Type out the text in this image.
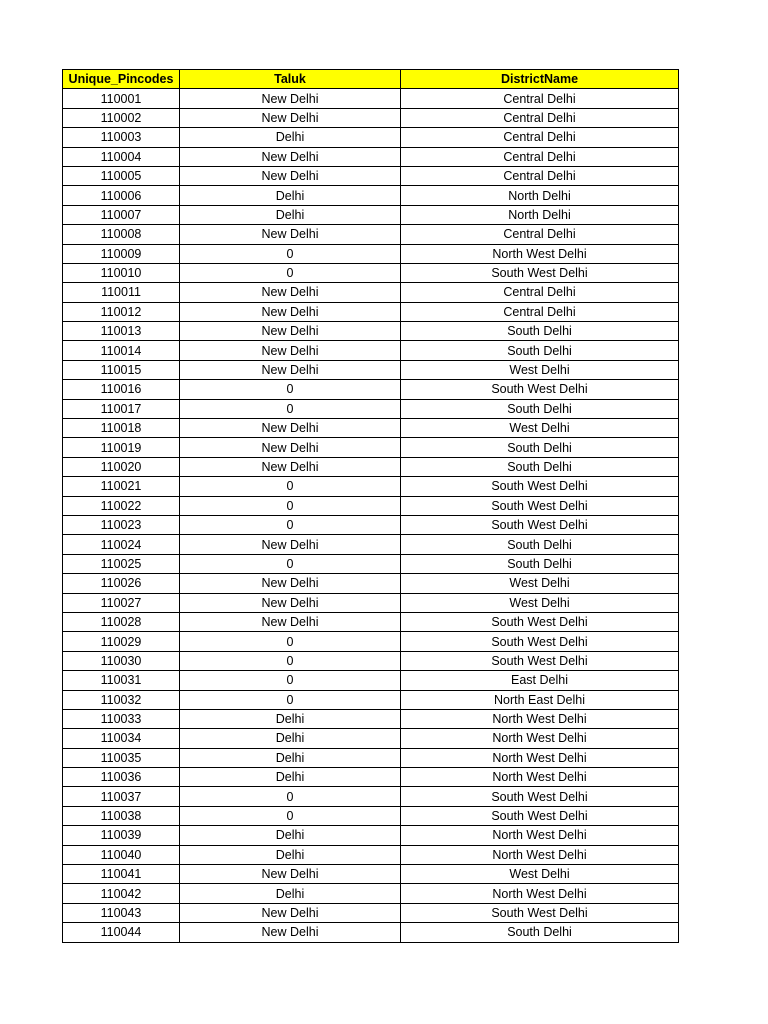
Unique_Pincodes	Taluk	DistrictName
110001	New Delhi	Central Delhi
110002	New Delhi	Central Delhi
110003	Delhi	Central Delhi
110004	New Delhi	Central Delhi
110005	New Delhi	Central Delhi
110006	Delhi	North Delhi
110007	Delhi	North Delhi
110008	New Delhi	Central Delhi
110009	0	North West Delhi
110010	0	South West Delhi
110011	New Delhi	Central Delhi
110012	New Delhi	Central Delhi
110013	New Delhi	South Delhi
110014	New Delhi	South Delhi
110015	New Delhi	West Delhi
110016	0	South West Delhi
110017	0	South Delhi
110018	New Delhi	West Delhi
110019	New Delhi	South Delhi
110020	New Delhi	South Delhi
110021	0	South West Delhi
110022	0	South West Delhi
110023	0	South West Delhi
110024	New Delhi	South Delhi
110025	0	South Delhi
110026	New Delhi	West Delhi
110027	New Delhi	West Delhi
110028	New Delhi	South West Delhi
110029	0	South West Delhi
110030	0	South West Delhi
110031	0	East Delhi
110032	0	North East Delhi
110033	Delhi	North West Delhi
110034	Delhi	North West Delhi
110035	Delhi	North West Delhi
110036	Delhi	North West Delhi
110037	0	South West Delhi
110038	0	South West Delhi
110039	Delhi	North West Delhi
110040	Delhi	North West Delhi
110041	New Delhi	West Delhi
110042	Delhi	North West Delhi
110043	New Delhi	South West Delhi
110044	New Delhi	South Delhi
